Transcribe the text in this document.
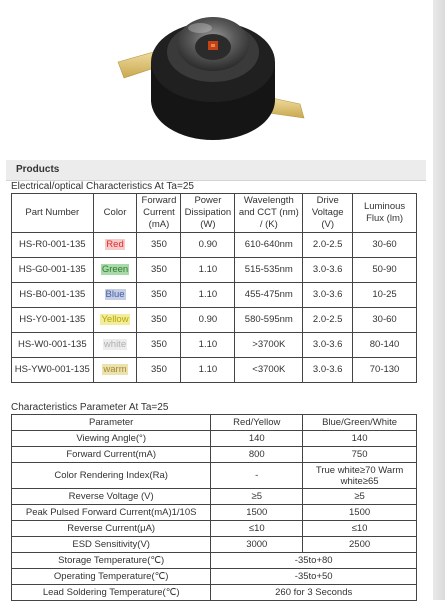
Products
Electrical/optical Characteristics At Ta=25
Part Number	Color	Forward Current (mA)	Power Dissipation (W)	Wavelength and CCT (nm) / (K)	Drive Voltage (V)	Luminous Flux (lm)
HS-R0-001-135	Red	350	0.90	610-640nm	2.0-2.5	30-60
HS-G0-001-135	Green	350	1.10	515-535nm	3.0-3.6	50-90
HS-B0-001-135	Blue	350	1.10	455-475nm	3.0-3.6	10-25
HS-Y0-001-135	Yellow	350	0.90	580-595nm	2.0-2.5	30-60
HS-W0-001-135	white	350	1.10	>3700K	3.0-3.6	80-140
HS-YW0-001-135	warm	350	1.10	<3700K	3.0-3.6	70-130
Characteristics Parameter At Ta=25
Parameter	Red/Yellow	Blue/Green/White
Viewing Angle(°)	140	140
Forward Current(mA)	800	750
Color Rendering Index(Ra)	-	True white≥70 Warm white≥65
Reverse Voltage (V)	≥5	≥5
Peak Pulsed Forward Current(mA)1/10S	1500	1500
Reverse Current(μA)	≤10	≤10
ESD Sensitivity(V)	3000	2500
Storage Temperature(℃)	-35to+80	
Operating Temperature(℃)	-35to+50	
Lead Soldering Temperature(℃)	260 for 3 Seconds	
